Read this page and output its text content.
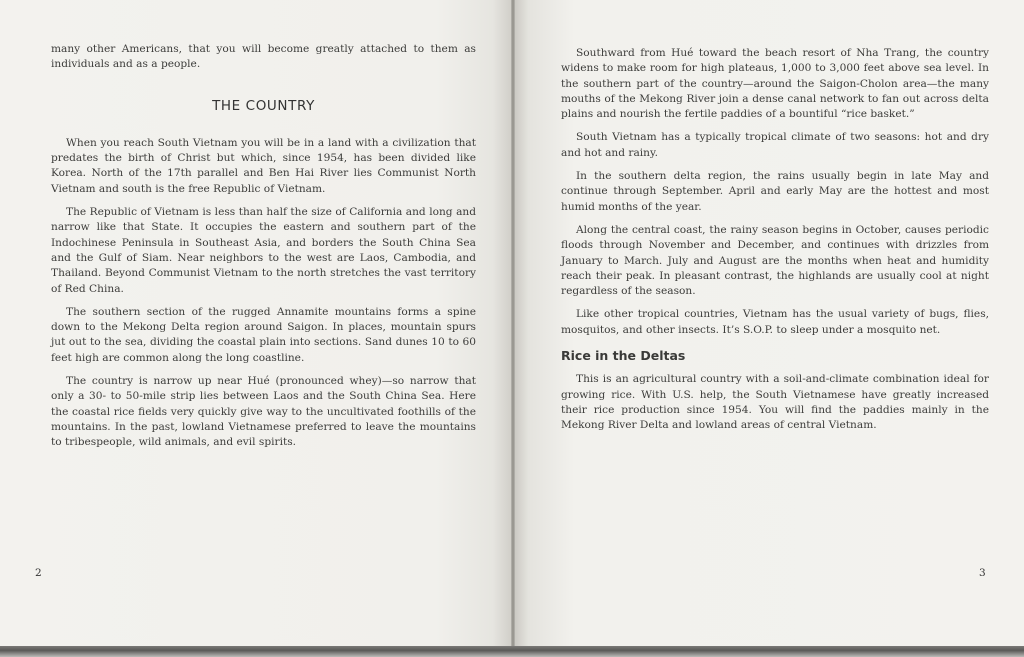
many other Americans, that you will become greatly attached to them as individuals and as a people.

THE COUNTRY

When you reach South Vietnam you will be in a land with a civilization that predates the birth of Christ but which, since 1954, has been divided like Korea. North of the 17th parallel and Ben Hai River lies Communist North Vietnam and south is the free Republic of Vietnam.

The Republic of Vietnam is less than half the size of California and long and narrow like that State. It occupies the eastern and southern part of the Indochinese Peninsula in Southeast Asia, and borders the South China Sea and the Gulf of Siam. Near neighbors to the west are Laos, Cambodia, and Thailand. Beyond Communist Vietnam to the north stretches the vast territory of Red China.

The southern section of the rugged Annamite mountains forms a spine down to the Mekong Delta region around Saigon. In places, mountain spurs jut out to the sea, dividing the coastal plain into sections. Sand dunes 10 to 60 feet high are common along the long coastline.

The country is narrow up near Hué (pronounced whey)—so narrow that only a 30- to 50-mile strip lies between Laos and the South China Sea. Here the coastal rice fields very quickly give way to the uncultivated foothills of the mountains. In the past, lowland Vietnamese preferred to leave the mountains to tribespeople, wild animals, and evil spirits.

2

Southward from Hué toward the beach resort of Nha Trang, the country widens to make room for high plateaus, 1,000 to 3,000 feet above sea level. In the southern part of the country—around the Saigon-Cholon area—the many mouths of the Mekong River join a dense canal network to fan out across delta plains and nourish the fertile paddies of a bountiful “rice basket.”

South Vietnam has a typically tropical climate of two seasons: hot and dry and hot and rainy.

In the southern delta region, the rains usually begin in late May and continue through September. April and early May are the hottest and most humid months of the year.

Along the central coast, the rainy season begins in October, causes periodic floods through November and December, and continues with drizzles from January to March. July and August are the months when heat and humidity reach their peak. In pleasant contrast, the highlands are usually cool at night regardless of the season.

Like other tropical countries, Vietnam has the usual variety of bugs, flies, mosquitos, and other insects. It’s S.O.P. to sleep under a mosquito net.

Rice in the Deltas

This is an agricultural country with a soil-and-climate combination ideal for growing rice. With U.S. help, the South Vietnamese have greatly increased their rice production since 1954. You will find the paddies mainly in the Mekong River Delta and lowland areas of central Vietnam.

3
